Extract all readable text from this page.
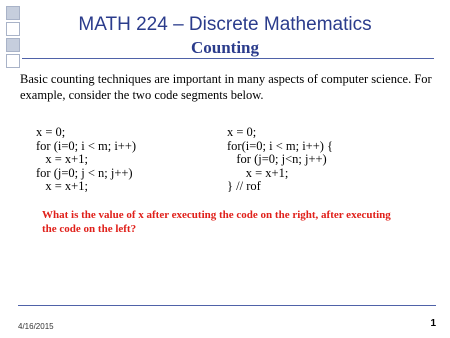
MATH 224 – Discrete Mathematics
Counting
Basic counting techniques are important in many aspects of computer science. For example, consider the two code segments below.
x = 0;
for (i=0; i < m; i++)
x = x+1;
for (j=0; j < n; j++)
x = x+1;
x = 0;
for(i=0; i < m; i++) {
for (j=0; j<n; j++)
x = x+1;
} // rof
What is the value of x after executing the code on the right, after executing the code on the left?
4/16/2015	1
